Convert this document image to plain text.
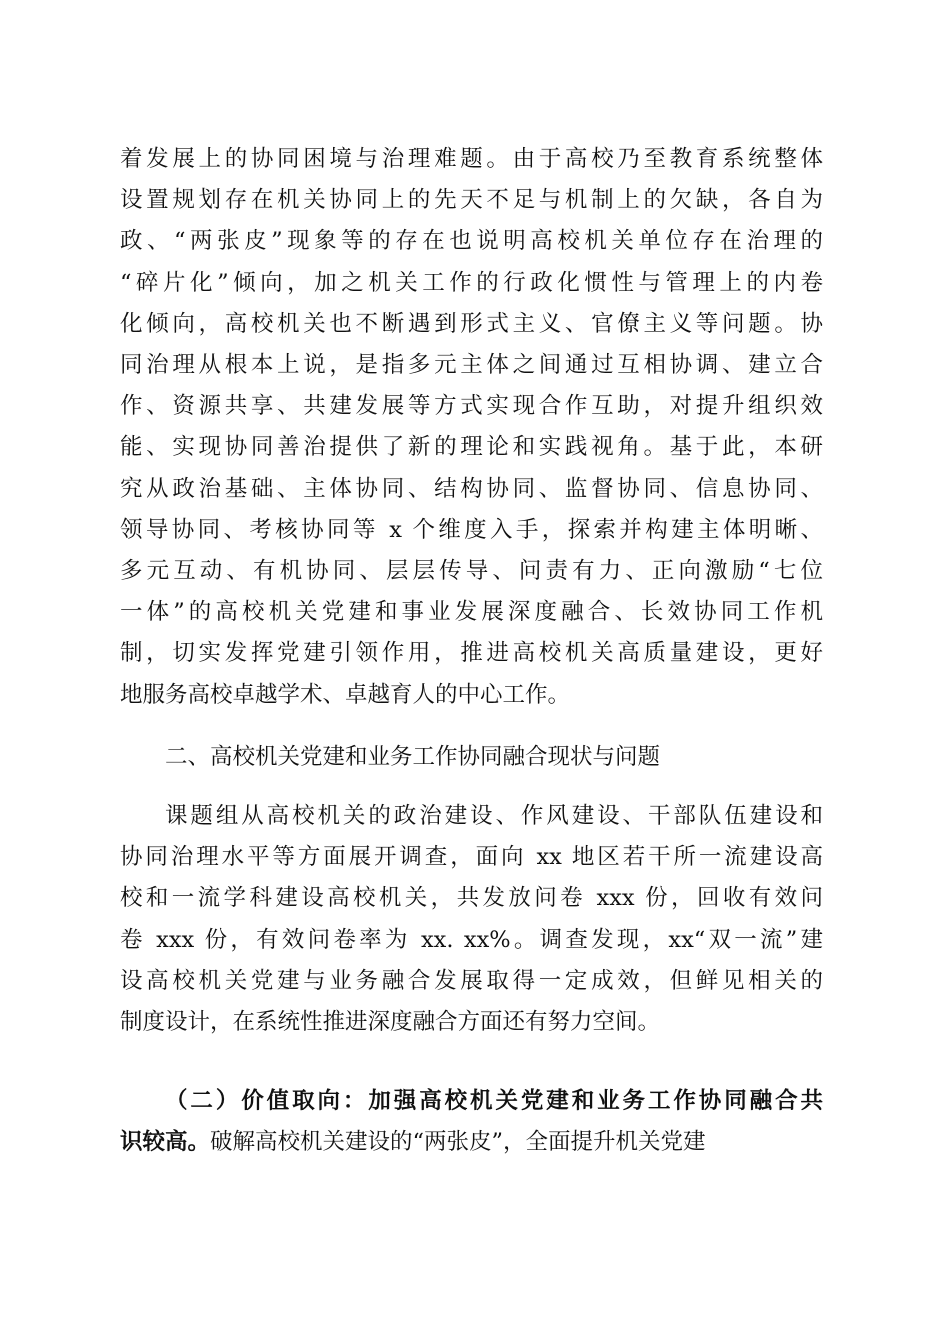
着发展上的协同困境与治理难题。由于高校乃至教育系统整体
设置规划存在机关协同上的先天不足与机制上的欠缺，各自为
政、“两张皮”现象等的存在也说明高校机关单位存在治理的
“碎片化”倾向，加之机关工作的行政化惯性与管理上的内卷
化倾向，高校机关也不断遇到形式主义、官僚主义等问题。协
同治理从根本上说，是指多元主体之间通过互相协调、建立合
作、资源共享、共建发展等方式实现合作互助，对提升组织效
能、实现协同善治提供了新的理论和实践视角。基于此，本研
究从政治基础、主体协同、结构协同、监督协同、信息协同、
领导协同、考核协同等 x 个维度入手，探索并构建主体明晰、
多元互动、有机协同、层层传导、问责有力、正向激励“七位
一体”的高校机关党建和事业发展深度融合、长效协同工作机
制，切实发挥党建引领作用，推进高校机关高质量建设，更好
地服务高校卓越学术、卓越育人的中心工作。
二、高校机关党建和业务工作协同融合现状与问题
课题组从高校机关的政治建设、作风建设、干部队伍建设和
协同治理水平等方面展开调查，面向 xx 地区若干所一流建设高
校和一流学科建设高校机关，共发放问卷 xxx 份，回收有效问
卷 xxx 份，有效问卷率为 xx. xx%。调查发现，xx“双一流”建
设高校机关党建与业务融合发展取得一定成效，但鲜见相关的
制度设计，在系统性推进深度融合方面还有努力空间。
（二）价值取向：加强高校机关党建和业务工作协同融合共
识较高。破解高校机关建设的“两张皮”，全面提升机关党建
